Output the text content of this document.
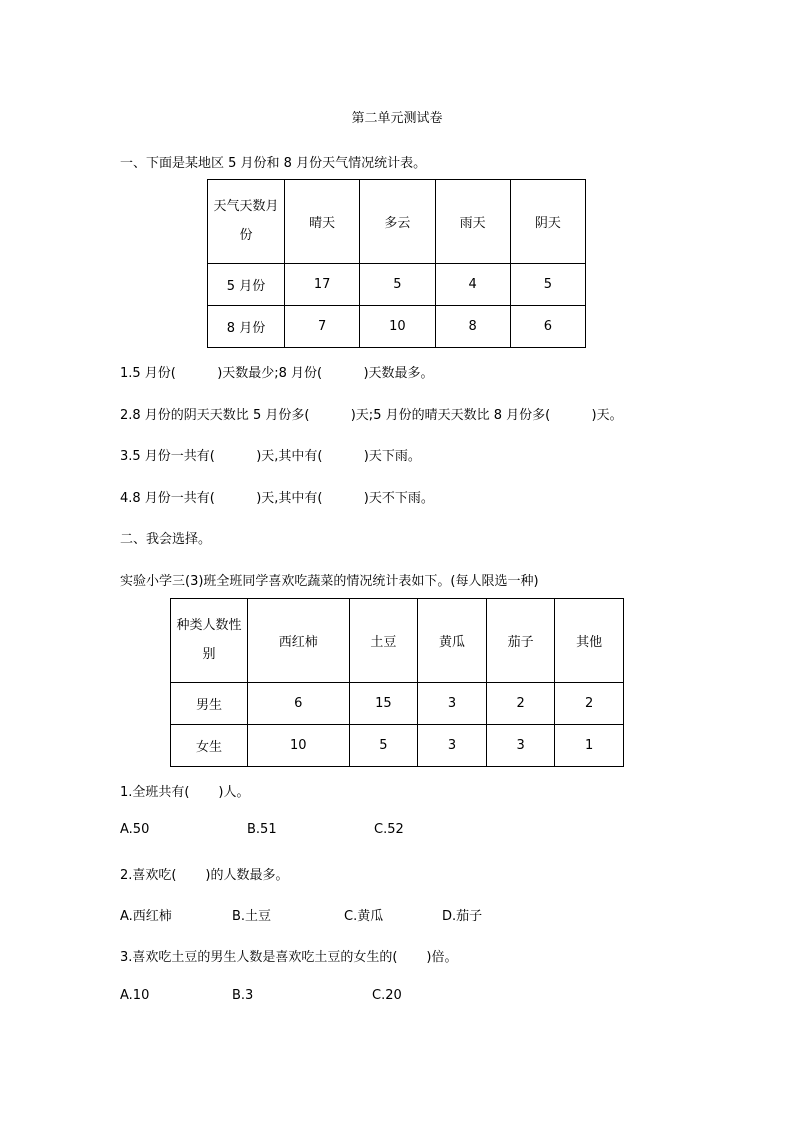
第二单元测试卷
一、下面是某地区 5 月份和 8 月份天气情况统计表。
天气天数月
份	晴天	多云	雨天	阴天
5 月份	17	5	4	5
8 月份	7	10	8	6
1.5 月份(          )天数最少;8 月份(          )天数最多。
2.8 月份的阴天天数比 5 月份多(          )天;5 月份的晴天天数比 8 月份多(          )天。
3.5 月份一共有(          )天,其中有(          )天下雨。
4.8 月份一共有(          )天,其中有(          )天不下雨。
二、我会选择。
实验小学三(3)班全班同学喜欢吃蔬菜的情况统计表如下。(每人限选一种)
种类人数性
别	西红柿	土豆	黄瓜	茄子	其他
男生	6	15	3	2	2
女生	10	5	3	3	1
1.全班共有(       )人。
A.50	B.51	C.52
2.喜欢吃(       )的人数最多。
A.西红柿	B.土豆	C.黄瓜	D.茄子
3.喜欢吃土豆的男生人数是喜欢吃土豆的女生的(       )倍。
A.10	B.3	C.20
